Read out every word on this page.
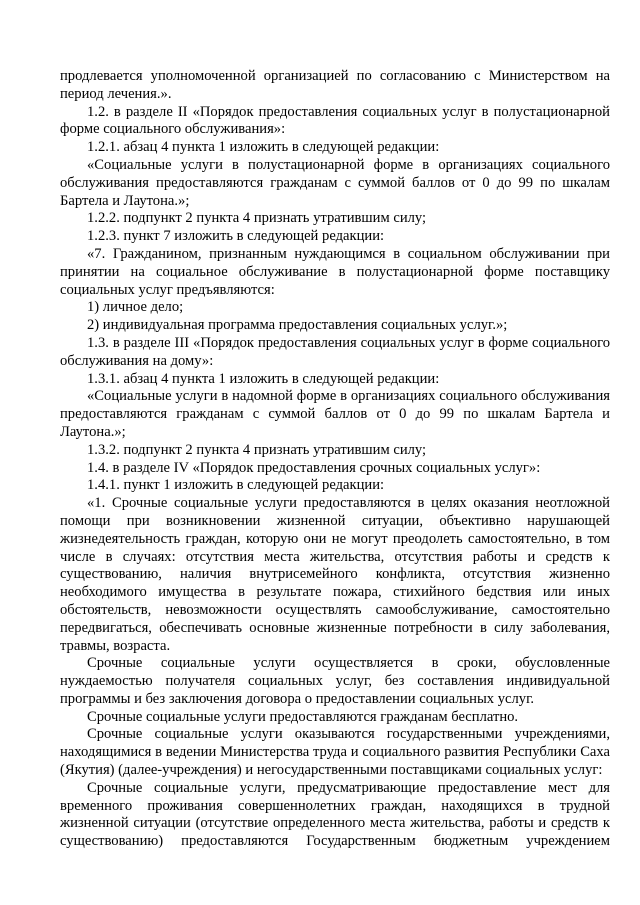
продлевается уполномоченной организацией по согласованию с Министерством на период лечения.».
1.2. в разделе II «Порядок предоставления социальных услуг в полустационарной форме социального обслуживания»:
1.2.1. абзац 4 пункта 1 изложить в следующей редакции:
«Социальные услуги в полустационарной форме в организациях социального обслуживания предоставляются гражданам с суммой баллов от 0 до 99 по шкалам Бартела и Лаутона.»;
1.2.2. подпункт 2 пункта 4 признать утратившим силу;
1.2.3. пункт 7 изложить в следующей редакции:
«7. Гражданином, признанным нуждающимся в социальном обслуживании при принятии на социальное обслуживание в полустационарной форме поставщику социальных услуг предъявляются:
1) личное дело;
2) индивидуальная программа предоставления социальных услуг.»;
1.3. в разделе III «Порядок предоставления социальных услуг в форме социального обслуживания на дому»:
1.3.1. абзац 4 пункта 1 изложить в следующей редакции:
«Социальные услуги в надомной форме в организациях социального обслуживания предоставляются гражданам с суммой баллов от 0 до 99 по шкалам Бартела и Лаутона.»;
1.3.2. подпункт 2 пункта 4 признать утратившим силу;
1.4. в разделе IV «Порядок предоставления срочных социальных услуг»:
1.4.1. пункт 1 изложить в следующей редакции:
«1. Срочные социальные услуги предоставляются в целях оказания неотложной помощи при возникновении жизненной ситуации, объективно нарушающей жизнедеятельность граждан, которую они не могут преодолеть самостоятельно, в том числе в случаях: отсутствия места жительства, отсутствия работы и средств к существованию, наличия внутрисемейного конфликта, отсутствия жизненно необходимого имущества в результате пожара, стихийного бедствия или иных обстоятельств, невозможности осуществлять самообслуживание, самостоятельно передвигаться, обеспечивать основные жизненные потребности в силу заболевания, травмы, возраста.
Срочные социальные услуги осуществляется в сроки, обусловленные нуждаемостью получателя социальных услуг, без составления индивидуальной программы и без заключения договора о предоставлении социальных услуг.
Срочные социальные услуги предоставляются гражданам бесплатно.
Срочные социальные услуги оказываются государственными учреждениями, находящимися в ведении Министерства труда и социального развития Республики Саха (Якутия) (далее-учреждения) и негосударственными поставщиками социальных услуг:
Срочные социальные услуги, предусматривающие предоставление мест для временного проживания совершеннолетних граждан, находящихся в трудной жизненной ситуации (отсутствие определенного места жительства, работы и средств к существованию) предоставляются Государственным бюджетным учреждением
